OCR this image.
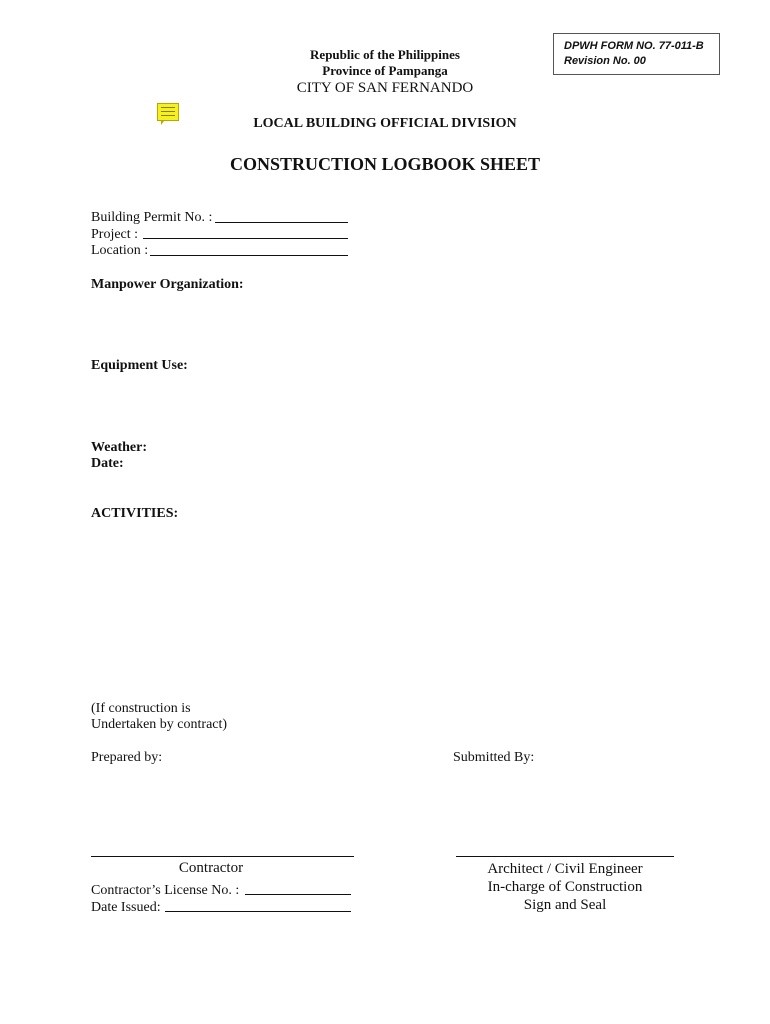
DPWH FORM NO. 77-011-B
Revision No. 00
Republic of the Philippines
Province of Pampanga
CITY OF SAN FERNANDO
LOCAL BUILDING OFFICIAL DIVISION
CONSTRUCTION LOGBOOK SHEET
Building Permit No. :
Project :
Location :
Manpower Organization:
Equipment Use:
Weather:
Date:
ACTIVITIES:
(If construction is
Undertaken by contract)
Prepared by:	Submitted By:
Contractor
Contractor’s License No. :
Date Issued:
Architect / Civil Engineer
In-charge of Construction
Sign and Seal
